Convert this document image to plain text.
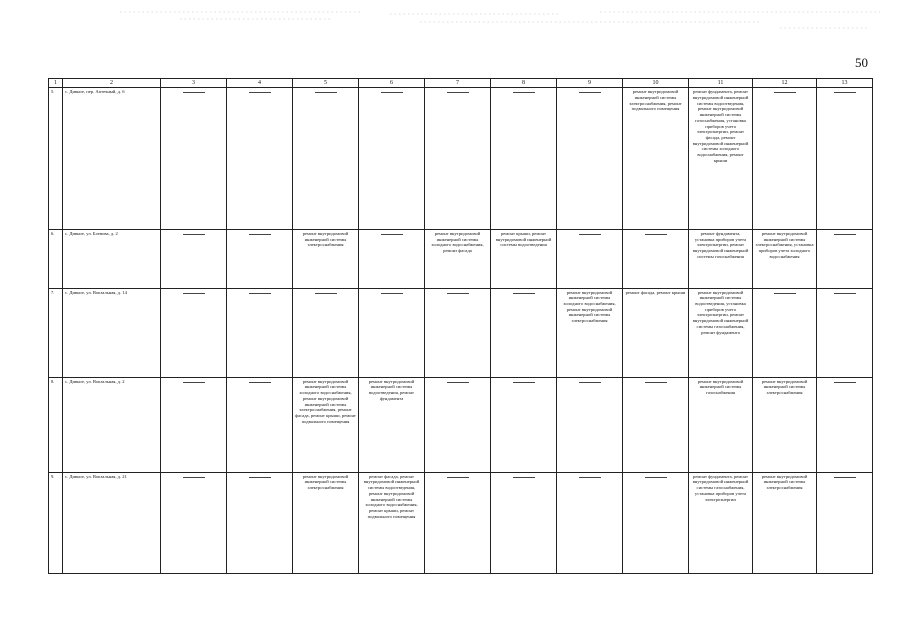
50
1	2	3	4	5	6	7	8	9	10	11	12	13
5.	с. Дивное, пер. Аптечный, д. 6								ремонт внутридомовой инженерной системы электроснабжения, ремонт подвального помещения	ремонт фундамента, ремонт внутридомовой инженерной системы водоотведения, ремонт внутридомовой инженерной системы газоснабжения, установка приборов учета электроэнергии, ремонт фасада, ремонт внутридомовой инженерной системы холодного водоснабжения, ремонт крыши	

6.	с. Дивное, ул. Боевова, д. 2			ремонт внутридомовой инженерной системы электроснабжения		ремонт внутридомовой инженерной системы холодного водоснабжения, ремонт фасада	ремонт крыши, ремонт внутридомовой инженерной системы водоотведения			ремонт фундамента, установка приборов учета электроэнергии, ремонт внутридомовой инженерной системы газоснабжения	ремонт внутридомовой инженерной системы электроснабжения, установка приборов учета холодного водоснабжения	

7.	с. Дивное, ул. Вокзальная, д. 14							ремонт внутридомовой инженерной системы холодного водоснабжения, ремонт внутридомовой инженерной системы электроснабжения	ремонт фасада, ремонт крыши	ремонт внутридомовой инженерной системы водоотведения, установка приборов учета электроэнергии, ремонт внутридомовой инженерной системы газоснабжения, ремонт фундамента	

8.	с. Дивное, ул. Вокзальная, д. 2			ремонт внутридомовой инженерной системы холодного водоснабжения, ремонт внутридомовой инженерной системы электроснабжения, ремонт фасада, ремонт крыши, ремонт подвального помещения	ремонт внутридомовой инженерной системы водоотведения, ремонт фундамента					ремонт внутридомовой инженерной системы газоснабжения	ремонт внутридомовой инженерной системы электроснабжения	

9.	с. Дивное, ул. Вокзальная, д. 21			ремонт внутридомовой инженерной системы электроснабжения	ремонт фасада, ремонт внутридомовой инженерной системы водоотведения, ремонт внутридомовой инженерной системы холодного водоснабжения, ремонт крыши, ремонт подвального помещения					ремонт фундамента, ремонт внутридомовой инженерной системы газоснабжения, установка приборов учета электроэнергии	ремонт внутридомовой инженерной системы электроснабжения	
